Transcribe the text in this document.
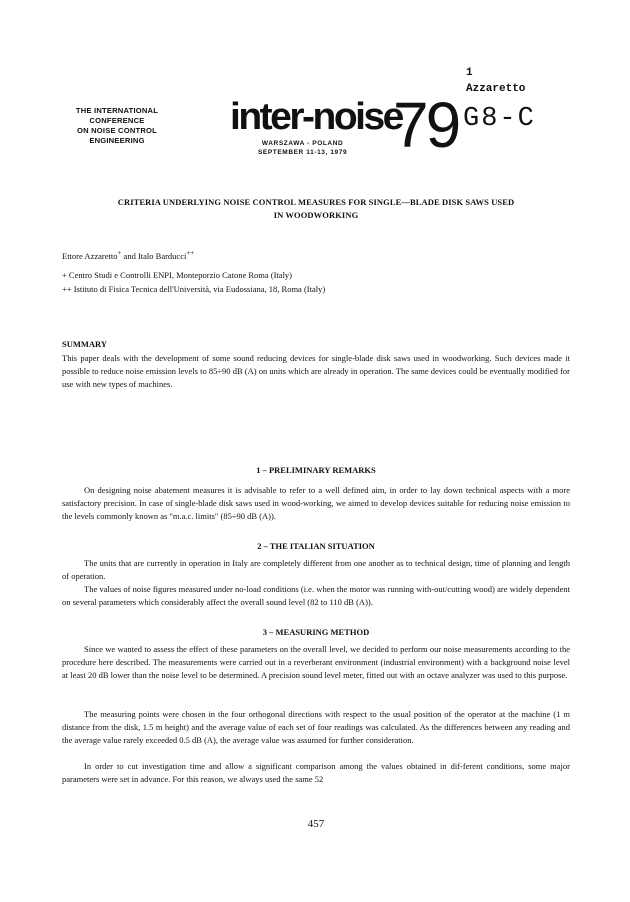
1
Azzaretto
THE INTERNATIONAL
CONFERENCE
ON NOISE CONTROL
ENGINEERING
inter-noise
79
WARSZAWA - POLAND
SEPTEMBER 11-13, 1979
G8-C
CRITERIA UNDERLYING NOISE CONTROL MEASURES FOR SINGLE—BLADE DISK SAWS USED
IN WOODWORKING
Ettore Azzaretto+ and Italo Barducci++
+ Centro Studi e Controlli ENPI, Monteporzio Catone Roma (Italy)
++ Istituto di Fisica Tecnica dell'Università, via Eudossiana, 18, Roma (Italy)
SUMMARY
This paper deals with the development of some sound reducing devices for single-blade disk saws used in woodworking. Such devices made it possible to reduce noise emission levels to 85÷90 dB (A) on units which are already in operation. The same devices could be eventually modified for use with new types of machines.
1 – PRELIMINARY REMARKS
On designing noise abatement measures it is advisable to refer to a well defined aim, in order to lay down technical aspects with a more satisfactory precision. In case of single-blade disk saws used in wood-working, we aimed to develop devices suitable for reducing noise emission to the levels commonly known as "m.a.c. limits" (85÷90 dB (A)).
2 – THE ITALIAN SITUATION
The units that are currently in operation in Italy are completely different from one another as to technical design, time of planning and length of operation.
The values of noise figures measured under no-load conditions (i.e. when the motor was running with-out/cutting wood) are widely dependent on several parameters which considerably affect the overall sound level (82 to 110 dB (A)).
3 – MEASURING METHOD
Since we wanted to assess the effect of these parameters on the overall level, we decided to perform our noise measurements according to the procedure here described. The measurements were carried out in a reverberant environment (industrial environment) with a background noise level at least 20 dB lower than the noise level to be determined. A precision sound level meter, fitted out with an octave analyzer was used to this purpose.
The measuring points were chosen in the four orthogonal directions with respect to the usual position of the operator at the machine (1 m distance from the disk, 1.5 m height) and the average value of each set of four readings was calculated. As the differences between any reading and the average value rarely exceeded 0.5 dB (A), the average value was assumed for further consideration.
In order to cut investigation time and allow a significant comparison among the values obtained in dif-ferent conditions, some major parameters were set in advance. For this reason, we always used the same 52
457
